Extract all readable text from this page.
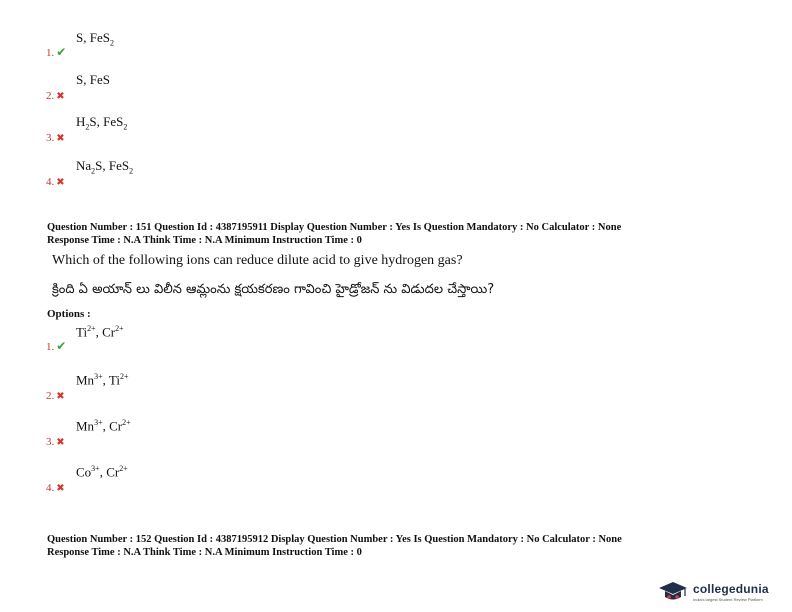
1. ✔
S, FeS$_2$
2. ✖
S, FeS
3. ✖
$H_2S$, FeS$_2$
4. ✖
$Na_2S$, FeS$_2$
Question Number : 151 Question Id : 4387195911 Display Question Number : Yes Is Question Mandatory : No Calculator : None
Response Time : N.A Think Time : N.A Minimum Instruction Time : 0
Which of the following ions can reduce dilute acid to give hydrogen gas?
క్రింది ఏ అయాన్ లు విలీన ఆమ్లంను క్షయకరణం గావించి హైడ్రోజన్ ను విడుదల చేస్తాయి?
Options :
1. ✔
$Ti^{2+}$, $Cr^{2+}$
2. ✖
$Mn^{3+}$, $Ti^{2+}$
3. ✖
$Mn^{3+}$, $Cr^{2+}$
4. ✖
$Co^{3+}$, $Cr^{2+}$
Question Number : 152 Question Id : 4387195912 Display Question Number : Yes Is Question Mandatory : No Calculator : None
Response Time : N.A Think Time : N.A Minimum Instruction Time : 0
collegedunia
India's largest Student Review Platform
